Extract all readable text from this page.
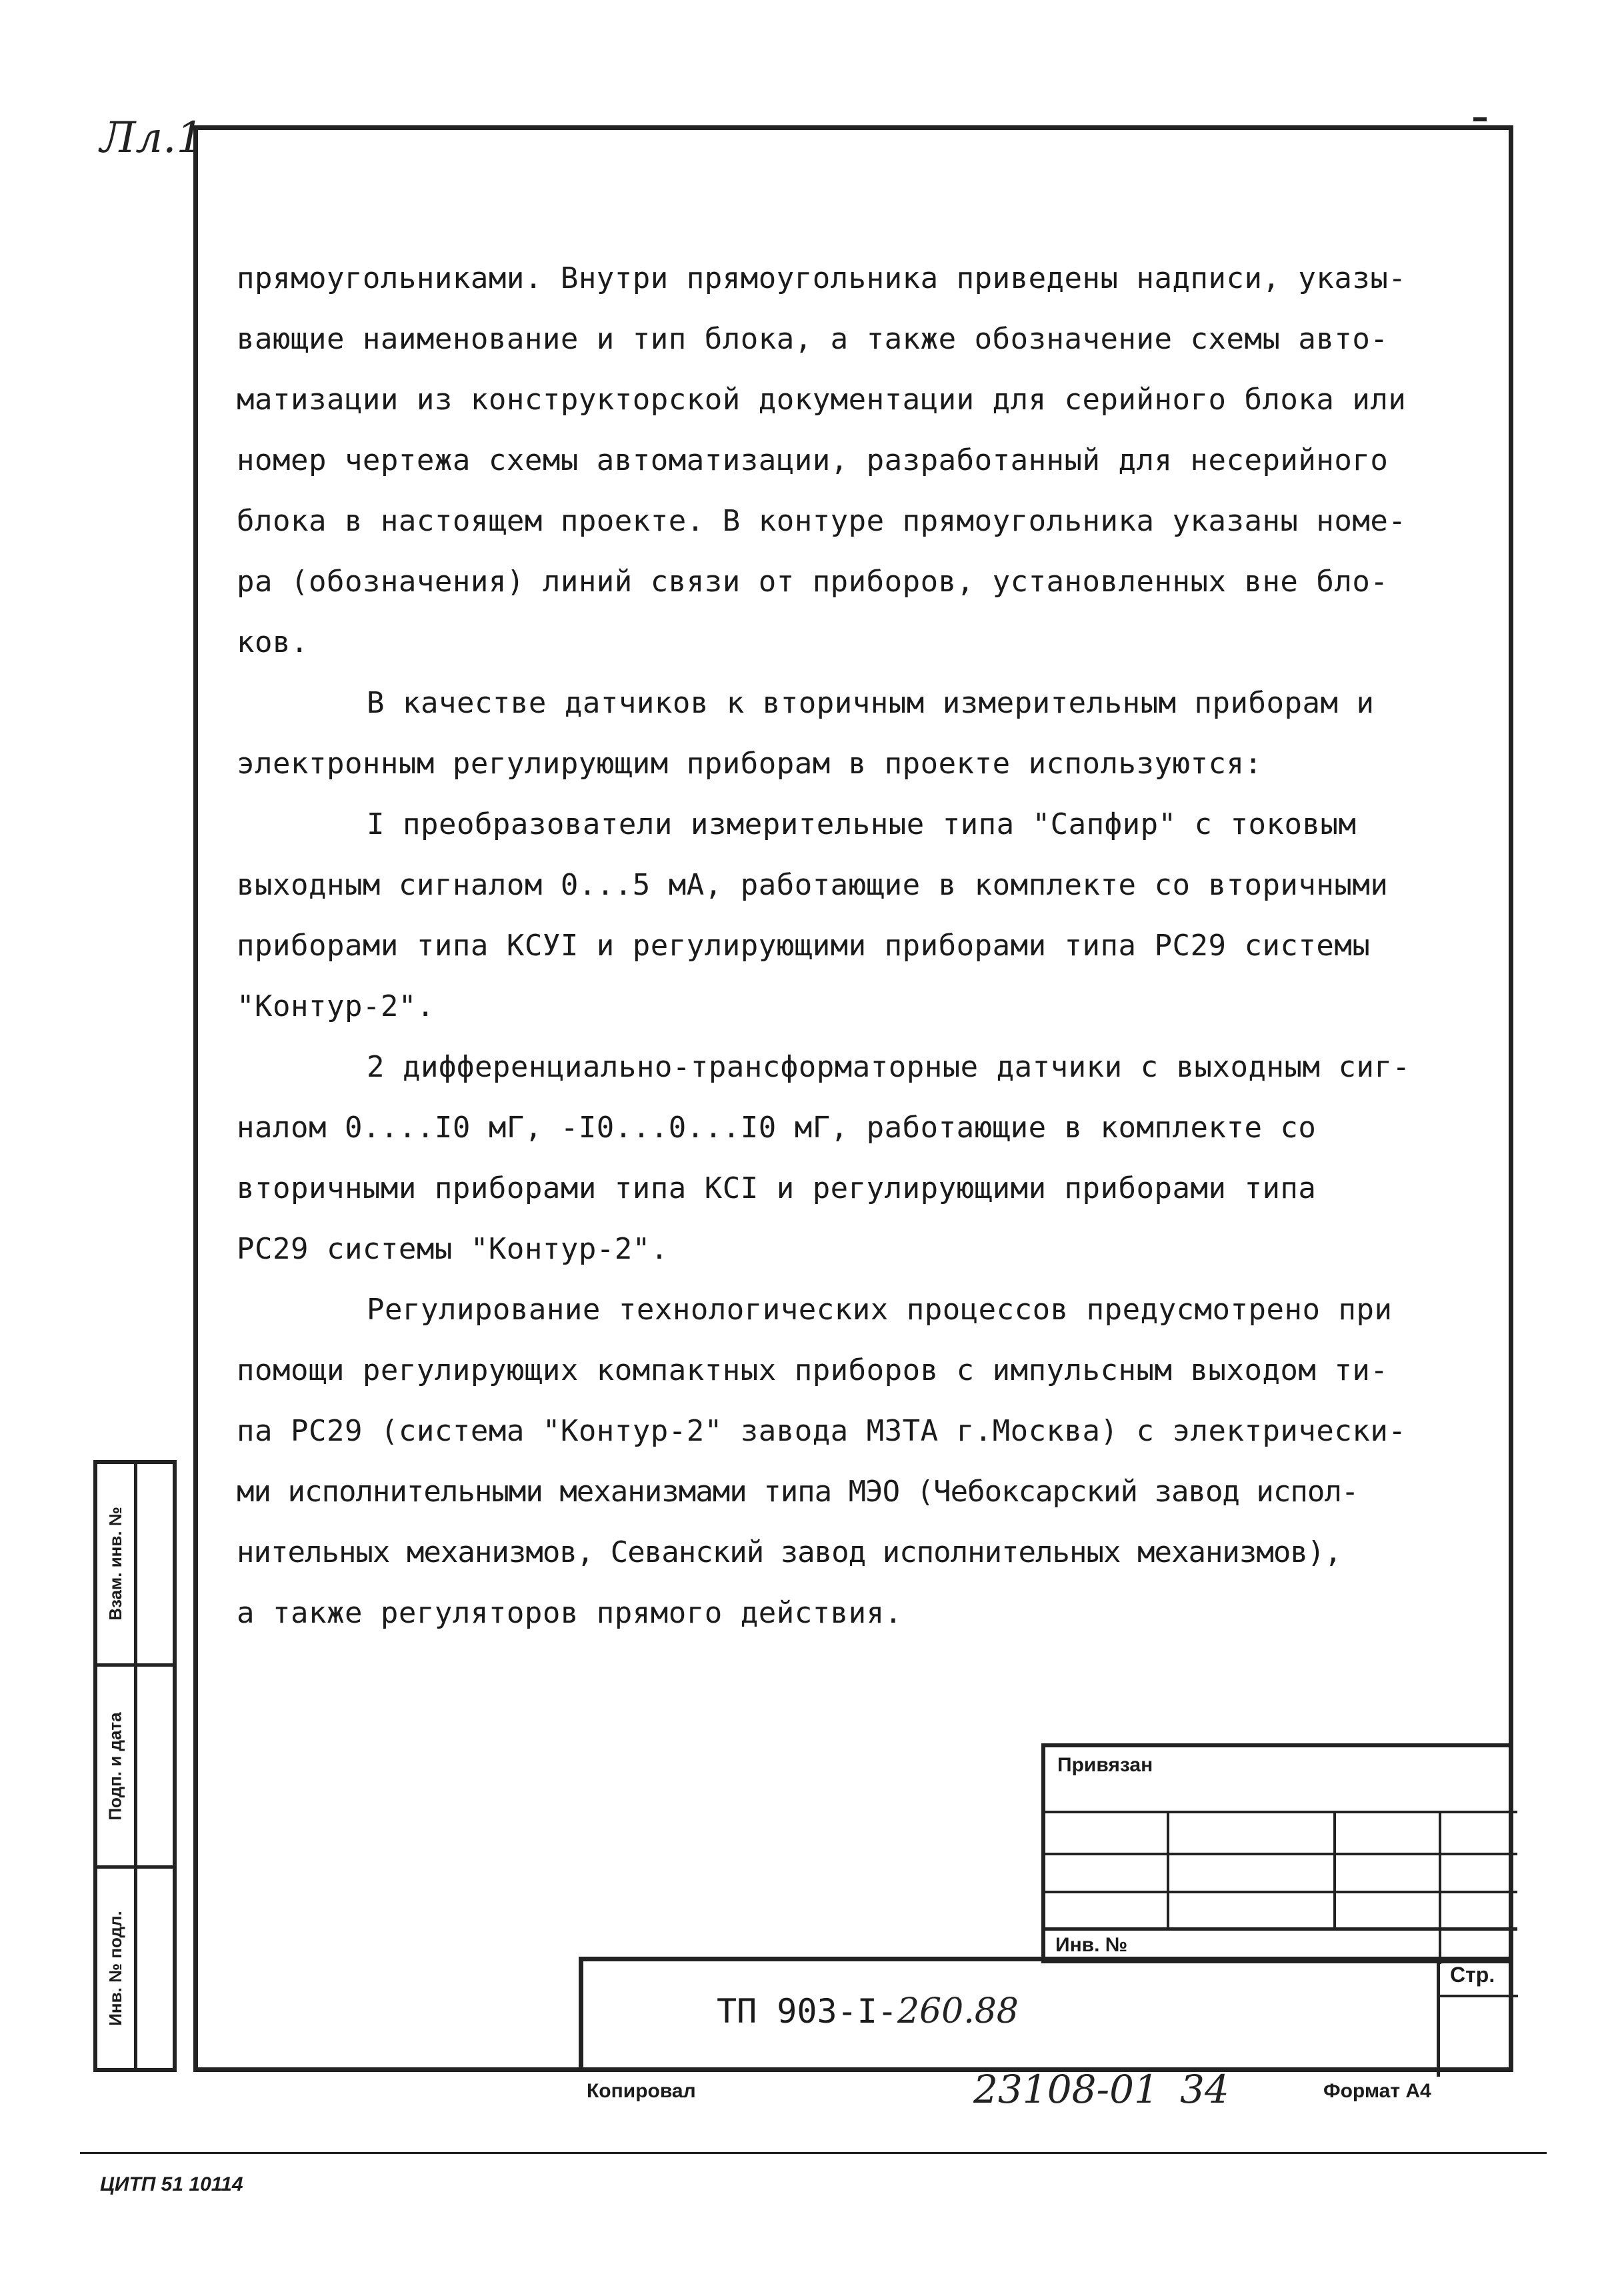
Лл.1
прямоугольниками. Внутри прямоугольника приведены надписи, указы-
вающие наименование и тип блока, а также обозначение схемы авто-
матизации из конструкторской документации для серийного блока или
номер чертежа схемы автоматизации, разработанный для несерийного
блока в настоящем проекте. В контуре прямоугольника указаны номе-
ра (обозначения) линий связи от приборов, установленных вне бло-
ков.
В качестве датчиков к вторичным измерительным приборам и
электронным регулирующим приборам в проекте используются:
I преобразователи измерительные типа "Сапфир" с токовым
выходным сигналом 0...5 мА, работающие в комплекте со вторичными
приборами типа КСУI и регулирующими приборами типа РС29 системы
"Контур-2".
2 дифференциально-трансформаторные датчики с выходным сиг-
налом 0....I0 мГ, -I0...0...I0 мГ, работающие в комплекте со
вторичными приборами типа КСI и регулирующими приборами типа
РС29 системы "Контур-2".
Регулирование технологических процессов предусмотрено при
помощи регулирующих компактных приборов с импульсным выходом ти-
па РС29 (система "Контур-2" завода МЗТА г.Москва) с электрически-
ми исполнительными механизмами типа МЭО (Чебоксарский завод испол-
нительных механизмов, Севанский завод исполнительных механизмов),
а также регуляторов прямого действия.
Взам. инв. №
Подп. и дата
Инв. № подл.
Привязан
Инв. №
ТП 903-I-260.88
Стр.
Копировал	23108-01 34	Формат А4
ЦИТП 51 10114
